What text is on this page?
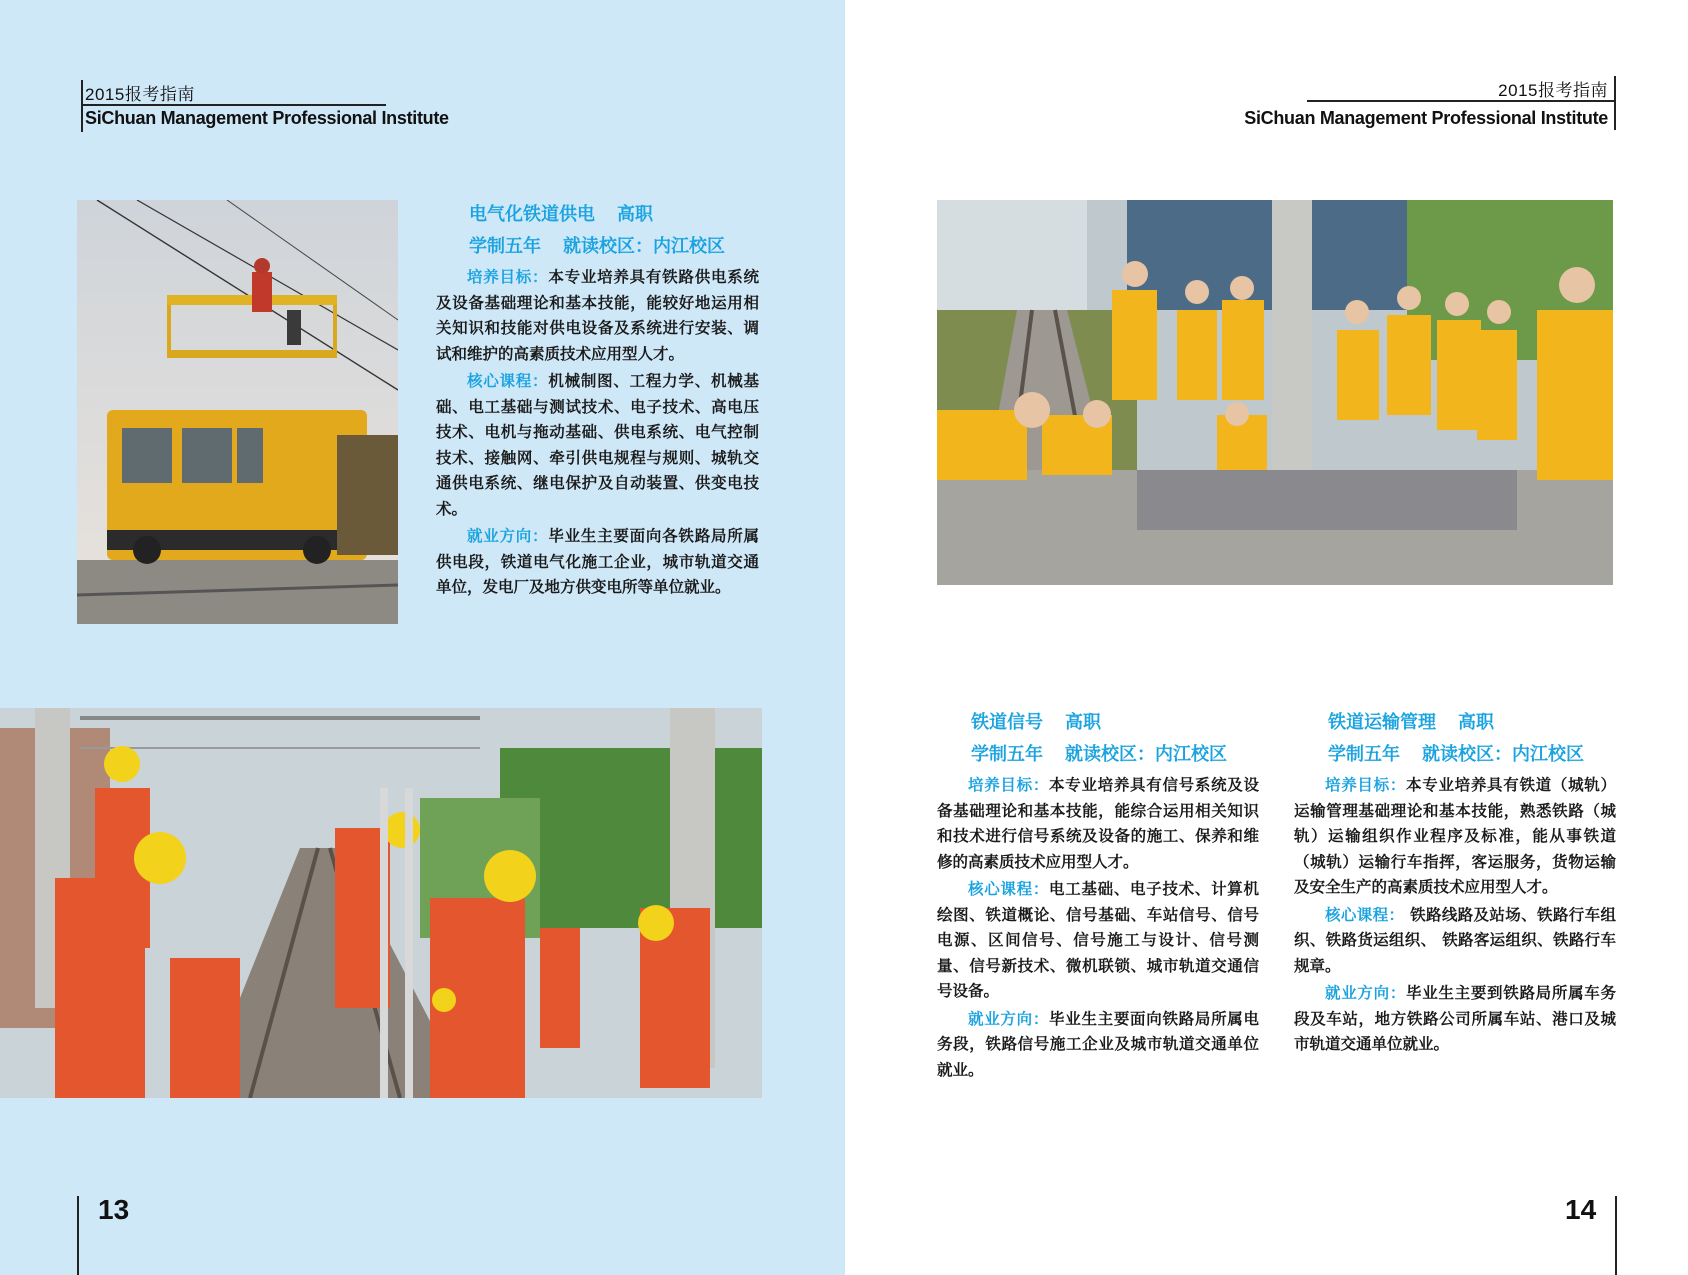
2015报考指南
SiChuan Management Professional Institute
电气化铁道供电 高职
学制五年 就读校区：内江校区
培养目标：本专业培养具有铁路供电系统及设备基础理论和基本技能，能较好地运用相关知识和技能对供电设备及系统进行安装、调试和维护的高素质技术应用型人才。
核心课程：机械制图、工程力学、机械基础、电工基础与测试技术、电子技术、高电压技术、电机与拖动基础、供电系统、电气控制技术、接触网、牵引供电规程与规则、城轨交通供电系统、继电保护及自动装置、供变电技术。
就业方向：毕业生主要面向各铁路局所属供电段，铁道电气化施工企业，城市轨道交通单位，发电厂及地方供变电所等单位就业。
13
2015报考指南
SiChuan Management Professional Institute
铁道信号 高职
学制五年 就读校区：内江校区
培养目标：本专业培养具有信号系统及设备基础理论和基本技能，能综合运用相关知识和技术进行信号系统及设备的施工、保养和维修的高素质技术应用型人才。
核心课程：电工基础、电子技术、计算机绘图、铁道概论、信号基础、车站信号、信号电源、区间信号、信号施工与设计、信号测量、信号新技术、微机联锁、城市轨道交通信号设备。
就业方向：毕业生主要面向铁路局所属电务段，铁路信号施工企业及城市轨道交通单位就业。
铁道运输管理 高职
学制五年 就读校区：内江校区
培养目标：本专业培养具有铁道（城轨）运输管理基础理论和基本技能，熟悉铁路（城轨）运输组织作业程序及标准，能从事铁道（城轨）运输行车指挥，客运服务，货物运输及安全生产的高素质技术应用型人才。
核心课程： 铁路线路及站场、铁路行车组织、铁路货运组织、 铁路客运组织、铁路行车规章。
就业方向：毕业生主要到铁路局所属车务段及车站，地方铁路公司所属车站、港口及城市轨道交通单位就业。
14
